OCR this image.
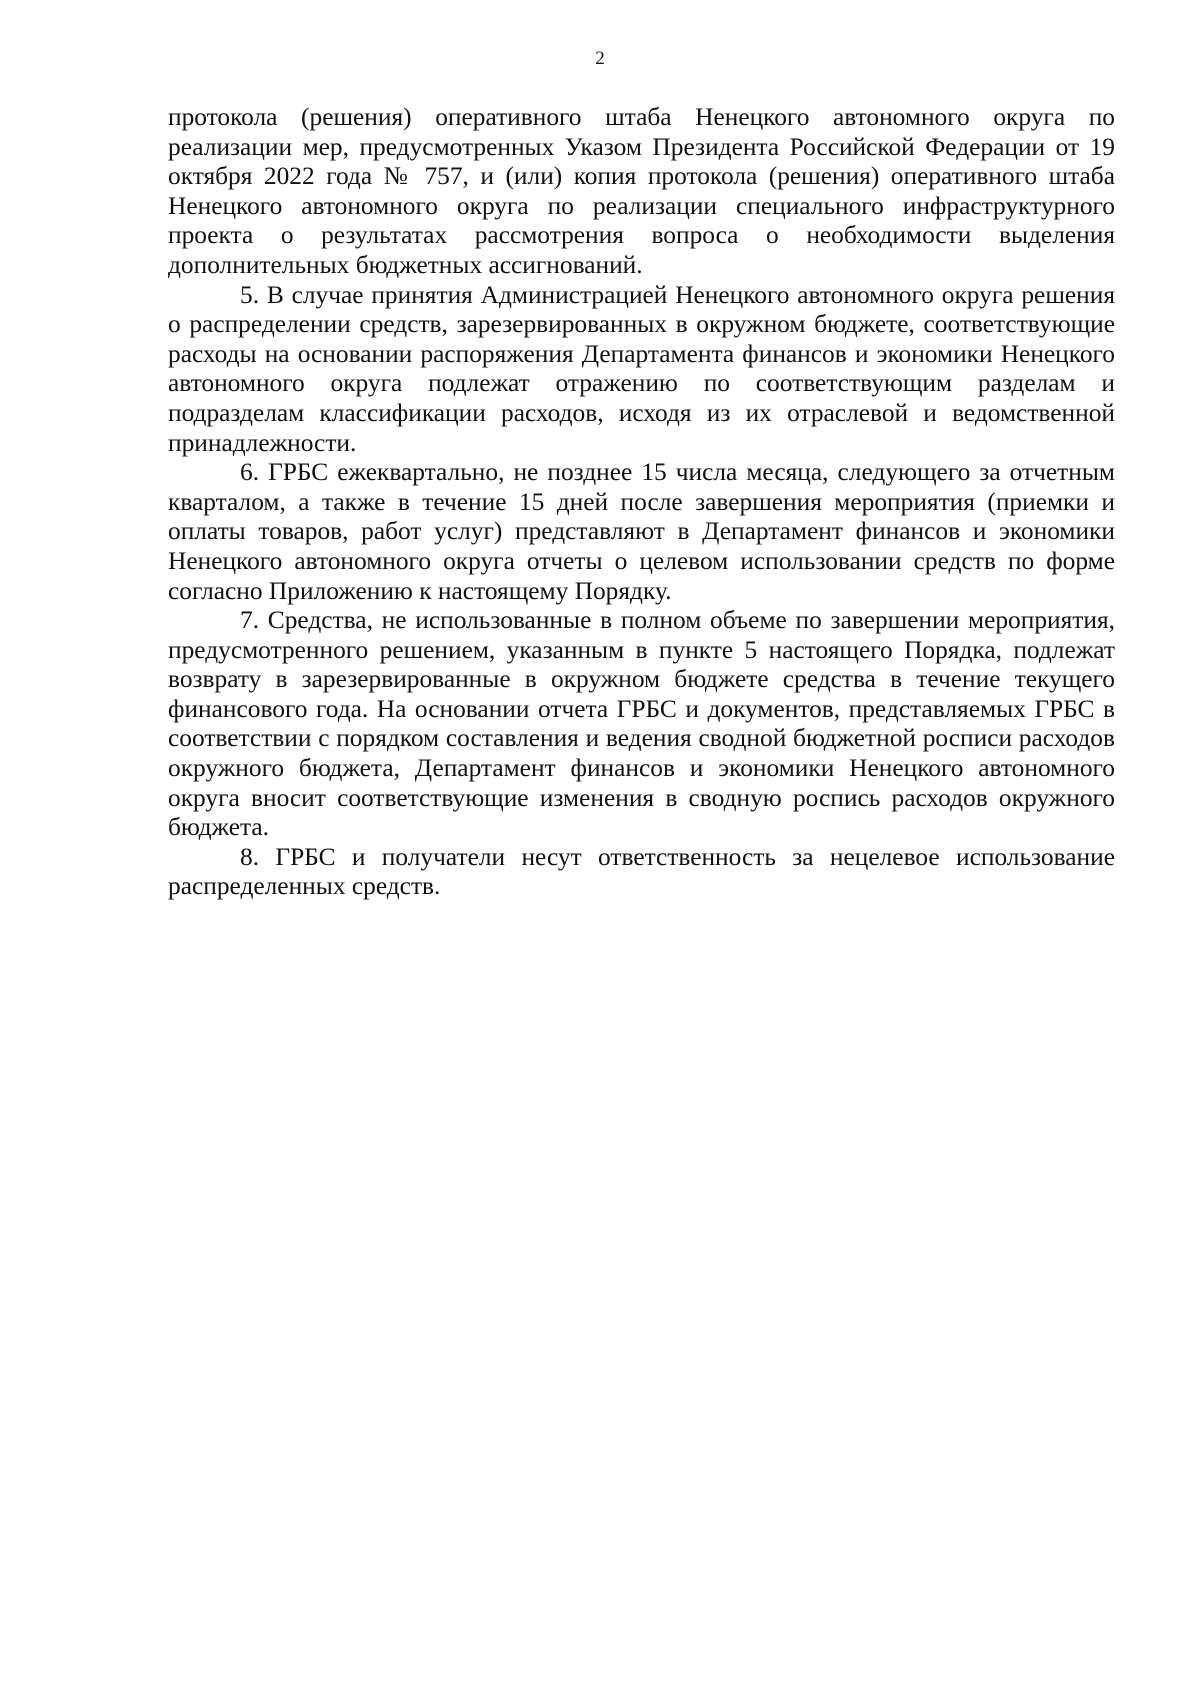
2

протокола (решения) оперативного штаба Ненецкого автономного округа по реализации мер, предусмотренных Указом Президента Российской Федерации от 19 октября 2022 года № 757, и (или) копия протокола (решения) оперативного штаба Ненецкого автономного округа по реализации специального инфраструктурного проекта о результатах рассмотрения вопроса о необходимости выделения дополнительных бюджетных ассигнований.

5. В случае принятия Администрацией Ненецкого автономного округа решения о распределении средств, зарезервированных в окружном бюджете, соответствующие расходы на основании распоряжения Департамента финансов и экономики Ненецкого автономного округа подлежат отражению по соответствующим разделам и подразделам классификации расходов, исходя из их отраслевой и ведомственной принадлежности.

6. ГРБС ежеквартально, не позднее 15 числа месяца, следующего за отчетным кварталом, а также в течение 15 дней после завершения мероприятия (приемки и оплаты товаров, работ услуг) представляют в Департамент финансов и экономики Ненецкого автономного округа отчеты о целевом использовании средств по форме согласно Приложению к настоящему Порядку.

7. Средства, не использованные в полном объеме по завершении мероприятия, предусмотренного решением, указанным в пункте 5 настоящего Порядка, подлежат возврату в зарезервированные в окружном бюджете средства в течение текущего финансового года. На основании отчета ГРБС и документов, представляемых ГРБС в соответствии с порядком составления и ведения сводной бюджетной росписи расходов окружного бюджета, Департамент финансов и экономики Ненецкого автономного округа вносит соответствующие изменения в сводную роспись расходов окружного бюджета.

8. ГРБС и получатели несут ответственность за нецелевое использование распределенных средств.
